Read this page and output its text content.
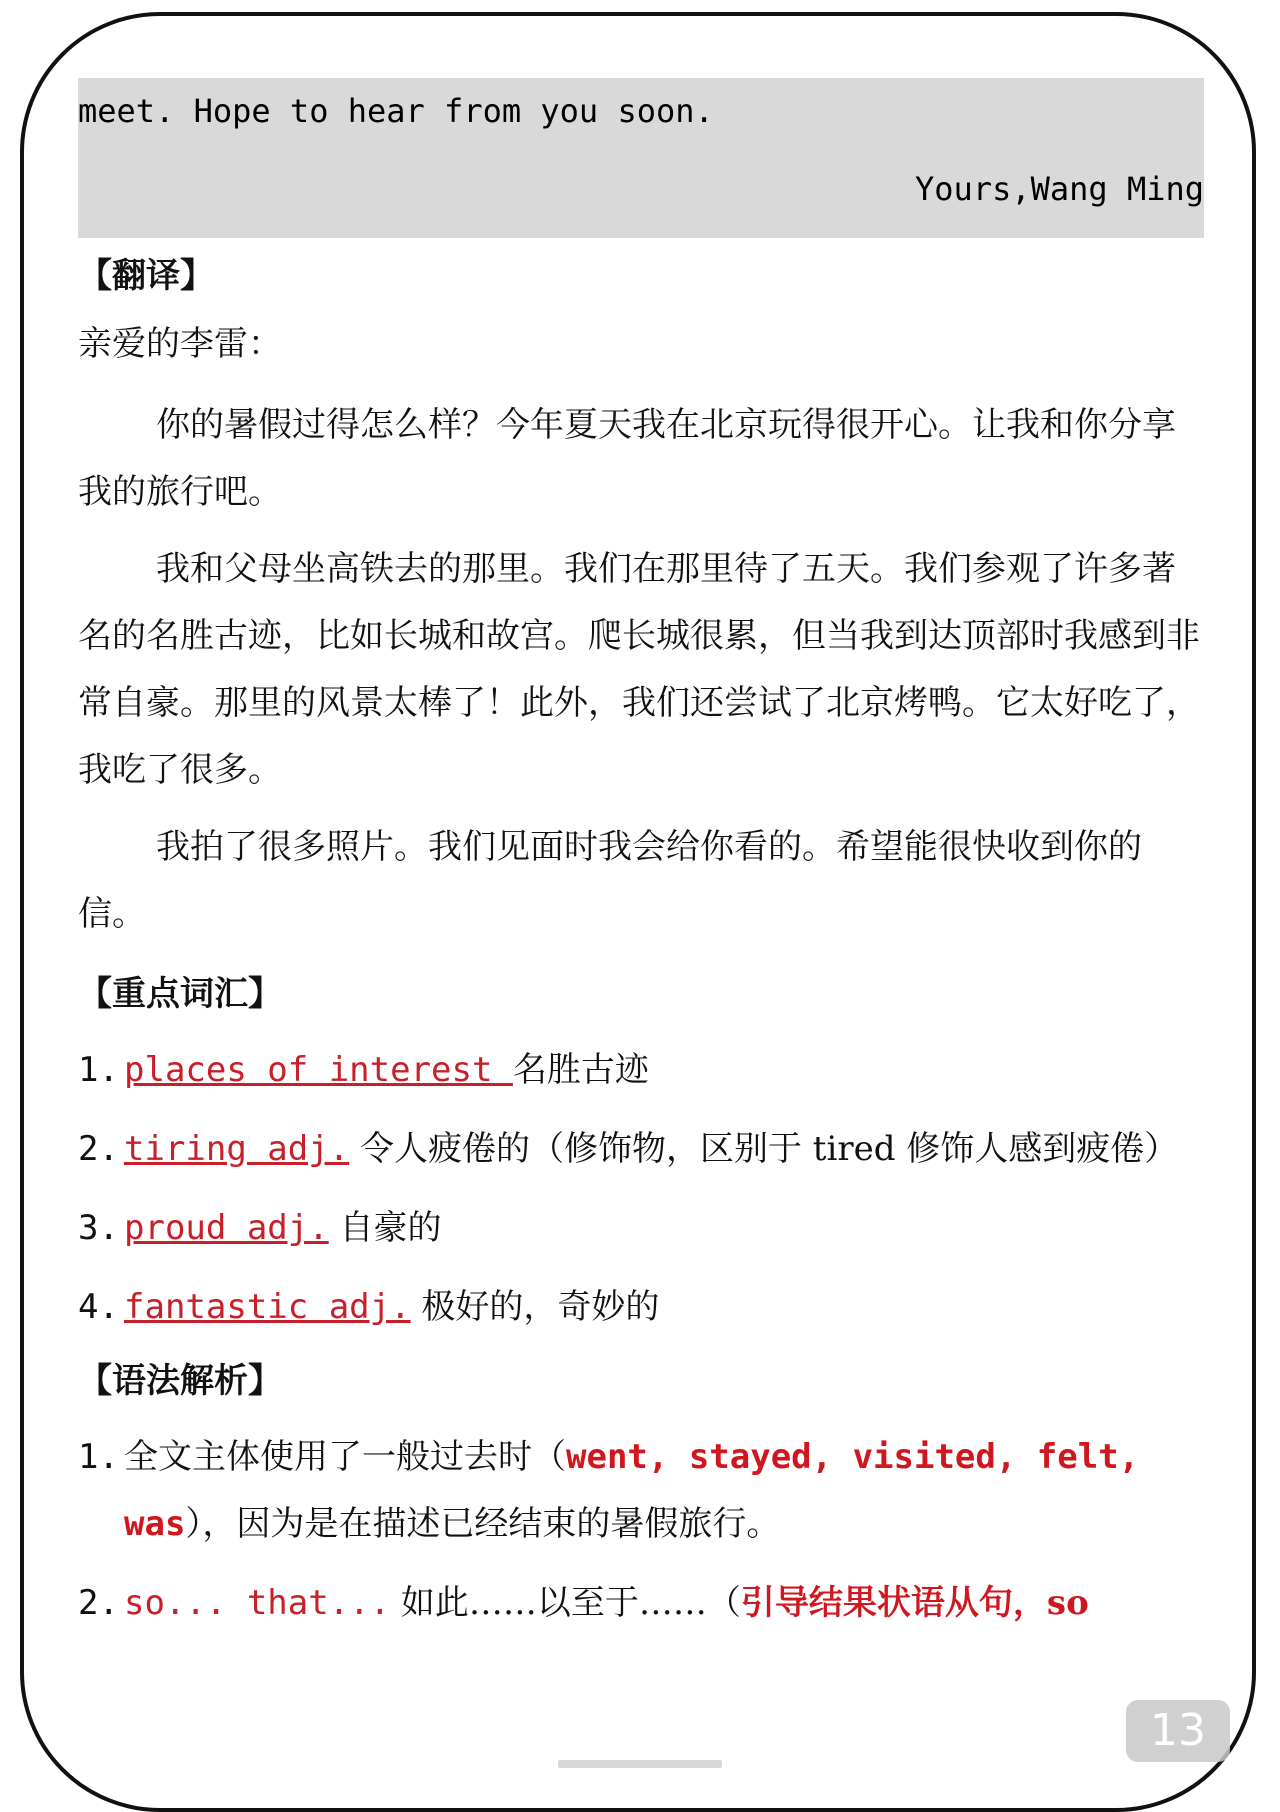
meet. Hope to hear from you soon.
Yours,Wang Ming
【翻译】
亲爱的李雷：
你的暑假过得怎么样？今年夏天我在北京玩得很开心。让我和你分享我的旅行吧。
我和父母坐高铁去的那里。我们在那里待了五天。我们参观了许多著名的名胜古迹，比如长城和故宫。爬长城很累，但当我到达顶部时我感到非常自豪。那里的风景太棒了！此外，我们还尝试了北京烤鸭。它太好吃了，我吃了很多。
我拍了很多照片。我们见面时我会给你看的。希望能很快收到你的信。
【重点词汇】
1. places of interest 名胜古迹
2. tiring adj. 令人疲倦的（修饰物，区别于 tired 修饰人感到疲倦）
3. proud adj. 自豪的
4. fantastic adj. 极好的，奇妙的
【语法解析】
1. 全文主体使用了一般过去时（went, stayed, visited, felt, was），因为是在描述已经结束的暑假旅行。
2. so... that... 如此……以至于……（引导结果状语从句，so
13
